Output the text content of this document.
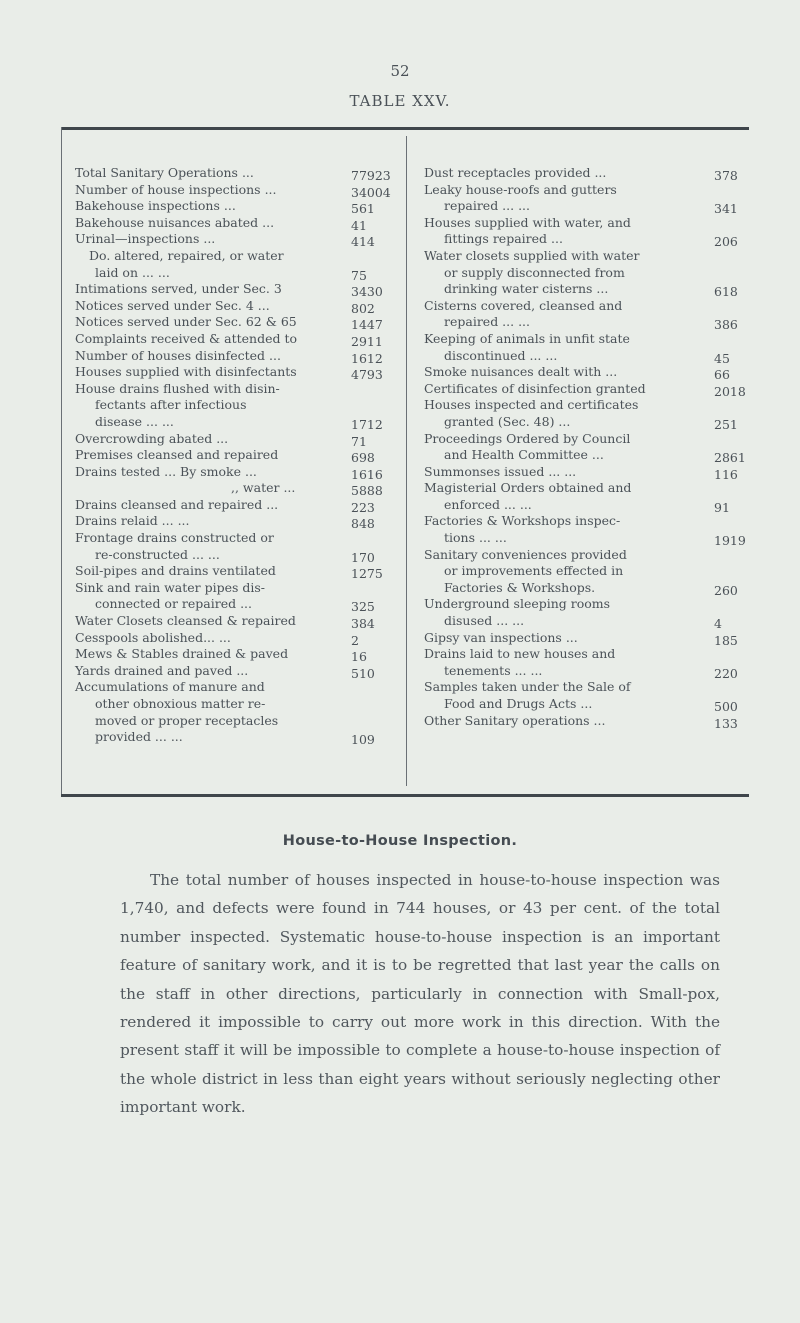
52
TABLE XXV.
Total Sanitary Operations ...	77923
Number of house inspections ...	34004
Bakehouse inspections ...	561
Bakehouse nuisances abated ...	41
Urinal—inspections ...	414
Do. altered, repaired, or water
laid on ... ...	75
Intimations served, under Sec. 3	3430
Notices served under Sec. 4 ...	802
Notices served under Sec. 62 & 65	1447
Complaints received & attended to	2911
Number of houses disinfected ...	1612
Houses supplied with disinfectants	4793
House drains flushed with disin-
fectants after infectious
disease ... ...	1712
Overcrowding abated ...	71
Premises cleansed and repaired	698
Drains tested ... By smoke ...	1616
,, water ...	5888
Drains cleansed and repaired ...	223
Drains relaid ... ...	848
Frontage drains constructed or
re-constructed ... ...	170
Soil-pipes and drains ventilated	1275
Sink and rain water pipes dis-
connected or repaired ...	325
Water Closets cleansed & repaired	384
Cesspools abolished... ...	2
Mews & Stables drained & paved	16
Yards drained and paved ...	510
Accumulations of manure and
other obnoxious matter re-
moved or proper receptacles
provided ... ...	109
Dust receptacles provided ...	378
Leaky house-roofs and gutters
repaired ... ...	341
Houses supplied with water, and
fittings repaired ...	206
Water closets supplied with water
or supply disconnected from
drinking water cisterns ...	618
Cisterns covered, cleansed and
repaired ... ...	386
Keeping of animals in unfit state
discontinued ... ...	45
Smoke nuisances dealt with ...	66
Certificates of disinfection granted	2018
Houses inspected and certificates
granted (Sec. 48) ...	251
Proceedings Ordered by Council
and Health Committee ...	2861
Summonses issued ... ...	116
Magisterial Orders obtained and
enforced ... ...	91
Factories & Workshops inspec-
tions ... ...	1919
Sanitary conveniences provided
or improvements effected in
Factories & Workshops.	260
Underground sleeping rooms
disused ... ...	4
Gipsy van inspections ...	185
Drains laid to new houses and
tenements ... ...	220
Samples taken under the Sale of
Food and Drugs Acts ...	500
Other Sanitary operations ...	133
House-to-House Inspection.
The total number of houses inspected in house-to-house inspection was 1,740, and defects were found in 744 houses, or 43 per cent. of the total number inspected. Systematic house-to-house inspection is an important feature of sanitary work, and it is to be regretted that last year the calls on the staff in other directions, particularly in connection with Small-pox, rendered it impossible to carry out more work in this direction. With the present staff it will be impossible to complete a house-to-house inspection of the whole district in less than eight years without seriously neglecting other important work.
